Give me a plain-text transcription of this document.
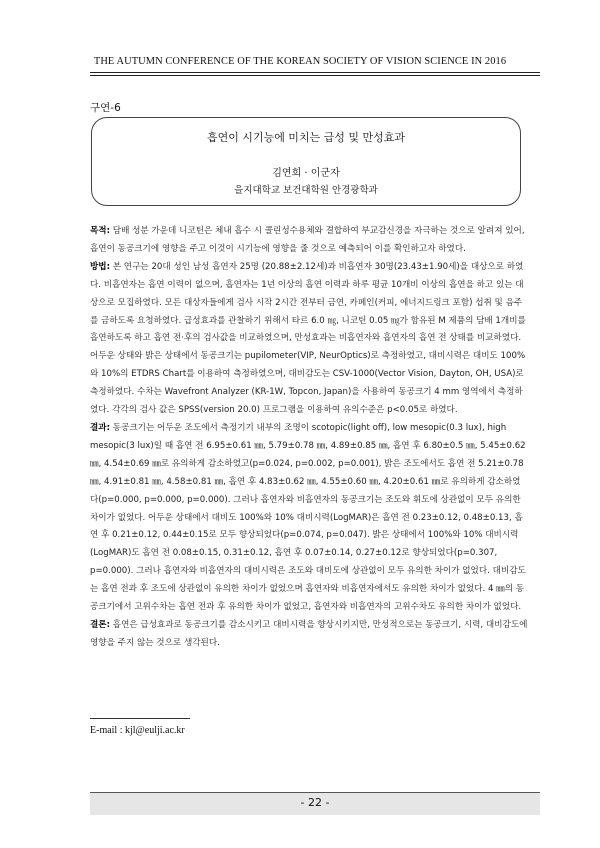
THE AUTUMN CONFERENCE OF THE KOREAN SOCIETY OF VISION SCIENCE IN 2016
구연-6
흡연이 시기능에 미치는 급성 및 만성효과
김연희 · 이군자
을지대학교 보건대학원 안경광학과

목적: 담배 성분 가운데 니코틴은 체내 흡수 시 콜린성수용체와 결합하여 부교감신경을 자극하는 것으로 알려져 있어, 흡연이 동공크기에 영향을 주고 이것이 시기능에 영향을 줄 것으로 예측되어 이를 확인하고자 하였다.

방법: 본 연구는 20대 성인 남성 흡연자 25명 (20.88±2.12세)과 비흡연자 30명(23.43±1.90세)을 대상으로 하였다. 비흡연자는 흡연 이력이 없으며, 흡연자는 1년 이상의 흡연 이력과 하루 평균 10개비 이상의 흡연을 하고 있는 대상으로 모집하였다. 모든 대상자들에게 검사 시작 2시간 전부터 금연, 카페인(커피, 에너지드링크 포함) 섭취 및 음주를 금하도록 요청하였다. 급성효과를 관찰하기 위해서 타르 6.0 ㎎, 니코틴 0.05 ㎎가 함유된 M 제품의 담배 1개비를 흡연하도록 하고 흡연 전·후의 검사값을 비교하였으며, 만성효과는 비흡연자와 흡연자의 흡연 전 상태를 비교하였다. 어두운 상태와 밝은 상태에서 동공크기는 pupilometer(VIP, NeurOptics)로 측정하였고, 대비시력은 대비도 100% 와 10%의 ETDRS Chart를 이용하여 측정하였으며, 대비감도는 CSV-1000(Vector Vision, Dayton, OH, USA)로 측정하였다. 수차는 Wavefront Analyzer (KR-1W, Topcon, Japan)을 사용하여 동공크기 4 mm 영역에서 측정하였다. 각각의 검사 값은 SPSS(version 20.0) 프로그램을 이용하여 유의수준은 p<0.05로 하였다.

결과: 동공크기는 어두운 조도에서 측정기기 내부의 조명이 scotopic(light off), low mesopic(0.3 lux), high mesopic(3 lux)일 때 흡연 전 6.95±0.61 ㎜, 5.79±0.78 ㎜, 4.89±0.85 ㎜, 흡연 후 6.80±0.5 ㎜, 5.45±0.62 ㎜, 4.54±0.69 ㎜로 유의하게 감소하였고(p=0.024, p=0.002, p=0.001), 밝은 조도에서도 흡연 전 5.21±0.78 ㎜, 4.91±0.81 ㎜, 4.58±0.81 ㎜, 흡연 후 4.83±0.62 ㎜, 4.55±0.60 ㎜, 4.20±0.61 ㎜로 유의하게 감소하였다(p=0.000, p=0.000, p=0.000). 그러나 흡연자와 비흡연자의 동공크기는 조도와 휘도에 상관없이 모두 유의한 차이가 없었다. 어두운 상태에서 대비도 100%와 10% 대비시력(LogMAR)은 흡연 전 0.23±0.12, 0.48±0.13, 흡연 후 0.21±0.12, 0.44±0.15로 모두 향상되었다(p=0.074, p=0.047). 밝은 상태에서 100%와 10% 대비시력(LogMAR)도 흡연 전 0.08±0.15, 0.31±0.12, 흡연 후 0.07±0.14, 0.27±0.12로 향상되었다(p=0.307, p=0.000). 그러나 흡연자와 비흡연자의 대비시력은 조도와 대비도에 상관없이 모두 유의한 차이가 없었다. 대비감도는 흡연 전과 후 조도에 상관없이 유의한 차이가 없었으며 흡연자와 비흡연자에서도 유의한 차이가 없었다. 4 ㎜의 동공크기에서 고위수차는 흡연 전과 후 유의한 차이가 없었고, 흡연자와 비흡연자의 고위수차도 유의한 차이가 없었다.

결론: 흡연은 급성효과로 동공크기를 감소시키고 대비시력을 향상시키지만, 만성적으로는 동공크기, 시력, 대비감도에 영향을 주지 않는 것으로 생각된다.

E-mail : kjl@eulji.ac.kr
- 22 -
